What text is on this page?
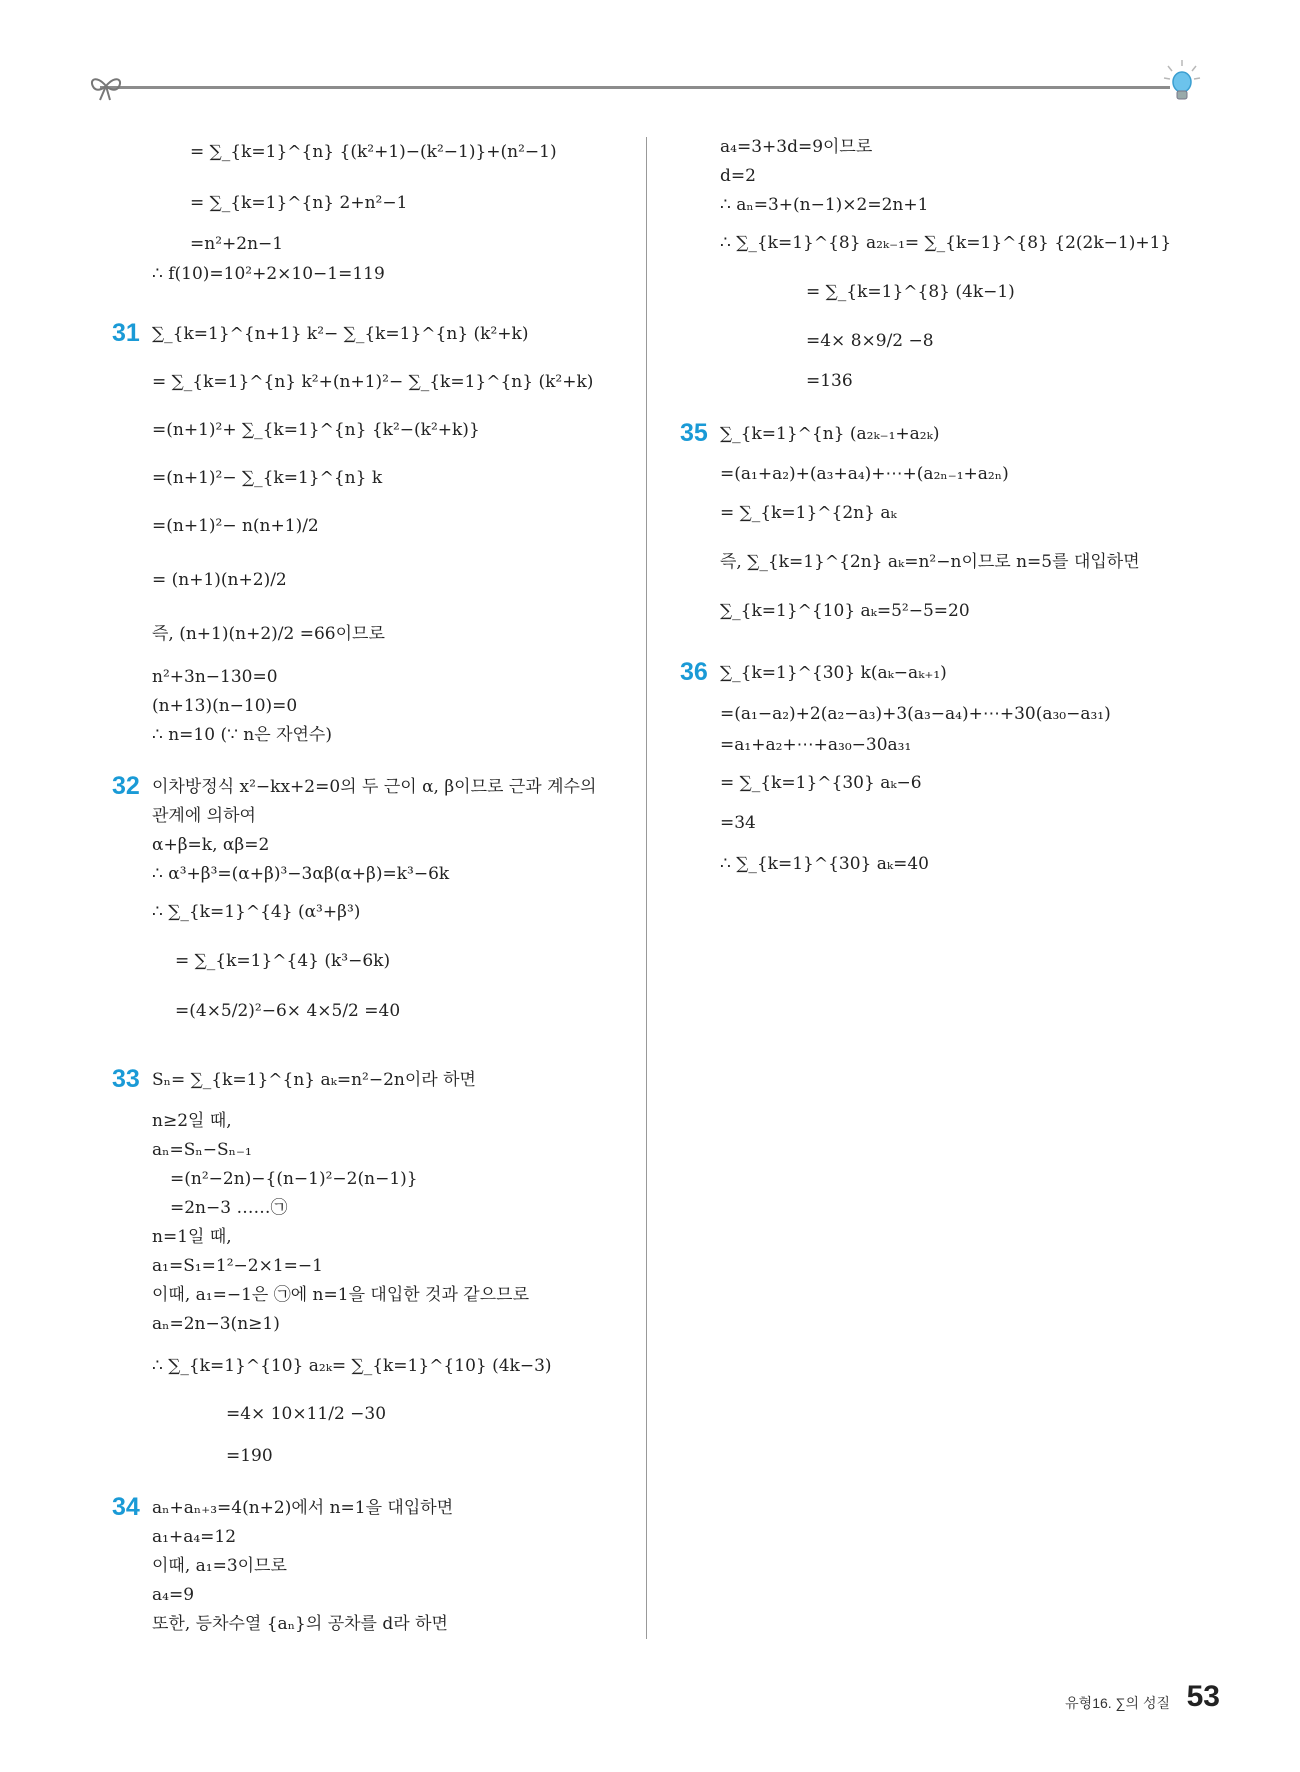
= ∑_{k=1}^{n} {(k²+1)−(k²−1)}+(n²−1)
= ∑_{k=1}^{n} 2+n²−1
=n²+2n−1
∴ f(10)=10²+2×10−1=119
31 ∑_{k=1}^{n+1} k²− ∑_{k=1}^{n} (k²+k)
= ∑_{k=1}^{n} k²+(n+1)²− ∑_{k=1}^{n} (k²+k)
=(n+1)²+ ∑_{k=1}^{n} {k²−(k²+k)}
=(n+1)²− ∑_{k=1}^{n} k
=(n+1)²− n(n+1)/2
= (n+1)(n+2)/2
즉, (n+1)(n+2)/2 =66이므로
n²+3n−130=0
(n+13)(n−10)=0
∴ n=10 (∵ n은 자연수)
32 이차방정식 x²−kx+2=0의 두 근이 α, β이므로 근과 계수의
관계에 의하여
α+β=k, αβ=2
∴ α³+β³=(α+β)³−3αβ(α+β)=k³−6k
∴ ∑_{k=1}^{4} (α³+β³)
= ∑_{k=1}^{4} (k³−6k)
=(4×5/2)²−6× 4×5/2 =40
33 Sₙ= ∑_{k=1}^{n} aₖ=n²−2n이라 하면
n≥2일 때,
aₙ=Sₙ−Sₙ₋₁
=(n²−2n)−{(n−1)²−2(n−1)}
=2n−3 ……㉠
n=1일 때,
a₁=S₁=1²−2×1=−1
이때, a₁=−1은 ㉠에 n=1을 대입한 것과 같으므로
aₙ=2n−3(n≥1)
∴ ∑_{k=1}^{10} a₂ₖ= ∑_{k=1}^{10} (4k−3)
=4× 10×11/2 −30
=190
34 aₙ+aₙ₊₃=4(n+2)에서 n=1을 대입하면
a₁+a₄=12
이때, a₁=3이므로
a₄=9
또한, 등차수열 {aₙ}의 공차를 d라 하면
a₄=3+3d=9이므로
d=2
∴ aₙ=3+(n−1)×2=2n+1
∴ ∑_{k=1}^{8} a₂ₖ₋₁= ∑_{k=1}^{8} {2(2k−1)+1}
= ∑_{k=1}^{8} (4k−1)
=4× 8×9/2 −8
=136
35 ∑_{k=1}^{n} (a₂ₖ₋₁+a₂ₖ)
=(a₁+a₂)+(a₃+a₄)+⋯+(a₂ₙ₋₁+a₂ₙ)
= ∑_{k=1}^{2n} aₖ
즉, ∑_{k=1}^{2n} aₖ=n²−n이므로 n=5를 대입하면
∑_{k=1}^{10} aₖ=5²−5=20
36 ∑_{k=1}^{30} k(aₖ−aₖ₊₁)
=(a₁−a₂)+2(a₂−a₃)+3(a₃−a₄)+⋯+30(a₃₀−a₃₁)
=a₁+a₂+⋯+a₃₀−30a₃₁
= ∑_{k=1}^{30} aₖ−6
=34
∴ ∑_{k=1}^{30} aₖ=40
유형16. ∑의 성질 53
